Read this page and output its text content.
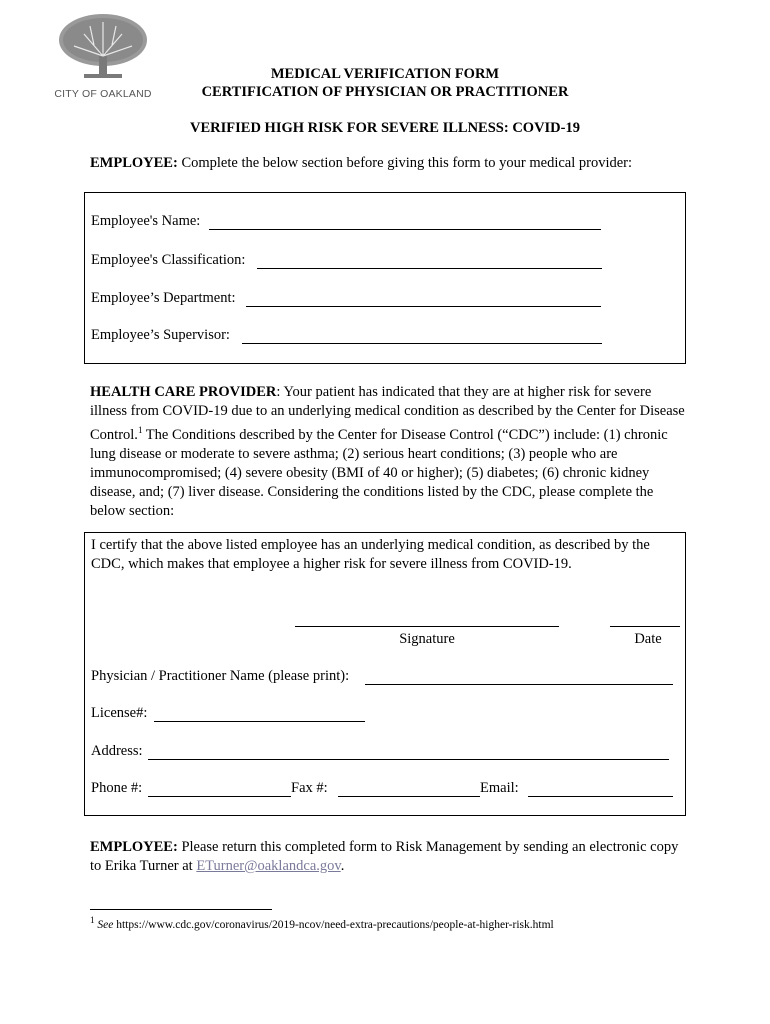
CITY OF OAKLAND
MEDICAL VERIFICATION FORM
CERTIFICATION OF PHYSICIAN OR PRACTITIONER
VERIFIED HIGH RISK FOR SEVERE ILLNESS: COVID-19
EMPLOYEE: Complete the below section before giving this form to your medical provider:
Employee's Name:
Employee's Classification:
Employee’s Department:
Employee’s Supervisor:
HEALTH CARE PROVIDER: Your patient has indicated that they are at higher risk for severe illness from COVID-19 due to an underlying medical condition as described by the Center for Disease Control.$^1$ The Conditions described by the Center for Disease Control (“CDC”) include: (1) chronic lung disease or moderate to severe asthma; (2) serious heart conditions; (3) people who are immunocompromised; (4) severe obesity (BMI of 40 or higher); (5) diabetes; (6) chronic kidney disease, and; (7) liver disease. Considering the conditions listed by the CDC, please complete the below section:
I certify that the above listed employee has an underlying medical condition, as described by the CDC, which makes that employee a higher risk for severe illness from COVID-19.
Signature	Date
Physician / Practitioner Name (please print):
License#:
Address:
Phone #:	Fax #:	Email:
EMPLOYEE: Please return this completed form to Risk Management by sending an electronic copy to Erika Turner at ETurner@oaklandca.gov.
$^1$ See https://www.cdc.gov/coronavirus/2019-ncov/need-extra-precautions/people-at-higher-risk.html
